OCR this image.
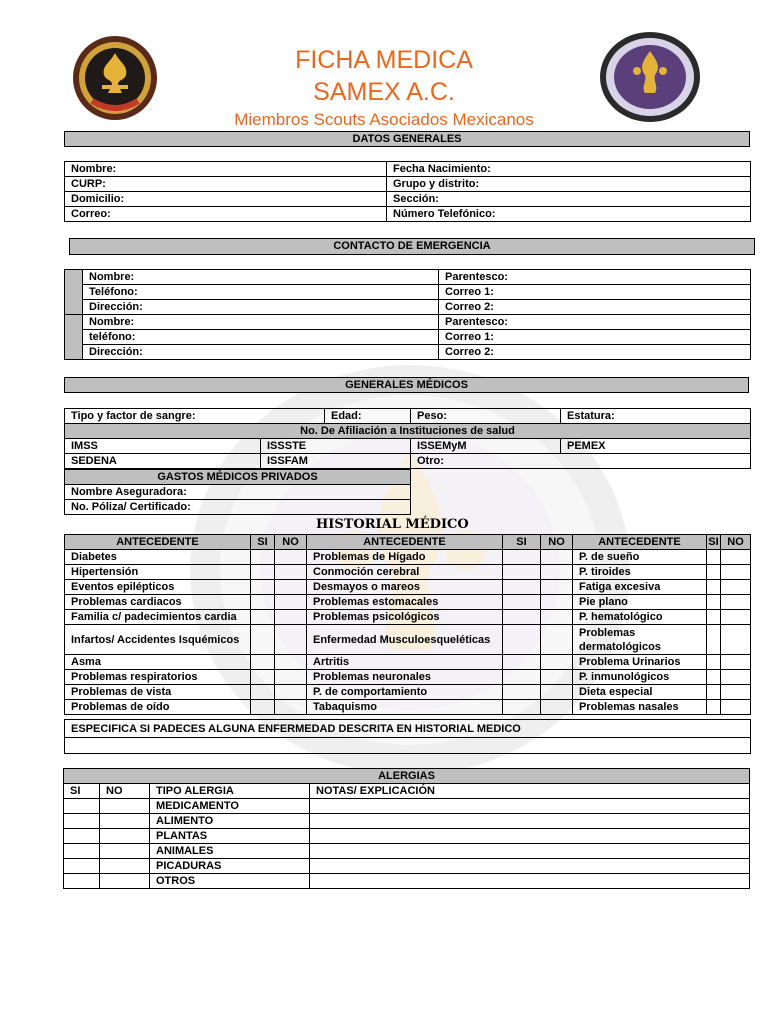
FICHA MEDICA
SAMEX A.C.
Miembros Scouts Asociados Mexicanos
DATOS GENERALES
Nombre:	Fecha Nacimiento:
CURP:	Grupo y distrito:
Domicilio:	Sección:
Correo:	Número Telefónico:
CONTACTO DE EMERGENCIA
	Nombre:	Parentesco:
	Teléfono:	Correo 1:
	Dirección:	Correo 2:
	Nombre:	Parentesco:
	teléfono:	Correo 1:
	Dirección:	Correo 2:
GENERALES MÉDICOS
Tipo y factor de sangre:	Edad:	Peso:	Estatura:
No. De Afiliación a Instituciones de salud
IMSS	ISSSTE	ISSEMyM	PEMEX
SEDENA	ISSFAM	Otro:	
GASTOS MÉDICOS PRIVADOS
Nombre Aseguradora:
No. Póliza/ Certificado:
HISTORIAL MÉDICO
ANTECEDENTE	SI	NO	ANTECEDENTE	SI	NO	ANTECEDENTE	SI	NO
Diabetes			Problemas de Hígado			P. de sueño		
Hipertensión			Conmoción cerebral			P. tiroides		
Eventos epilépticos			Desmayos o mareos			Fatiga excesiva		
Problemas cardiacos			Problemas estomacales			Pie plano		
Familia c/ padecimientos cardia			Problemas psicológicos			P. hematológico		
Infartos/ Accidentes Isquémicos			Enfermedad Musculoesqueléticas			Problemas dermatológicos		
Asma			Artritis			Problema Urinarios		
Problemas respiratorios			Problemas neuronales			P. inmunológicos		
Problemas de vista			P. de comportamiento			Dieta especial		
Problemas de oído			Tabaquismo			Problemas nasales		
ESPECIFICA SI PADECES ALGUNA ENFERMEDAD DESCRITA EN HISTORIAL MEDICO

ALERGIAS			
SI	NO	TIPO ALERGIA	NOTAS/ EXPLICACIÓN
		MEDICAMENTO	
		ALIMENTO	
		PLANTAS	
		ANIMALES	
		PICADURAS	
		OTROS	
